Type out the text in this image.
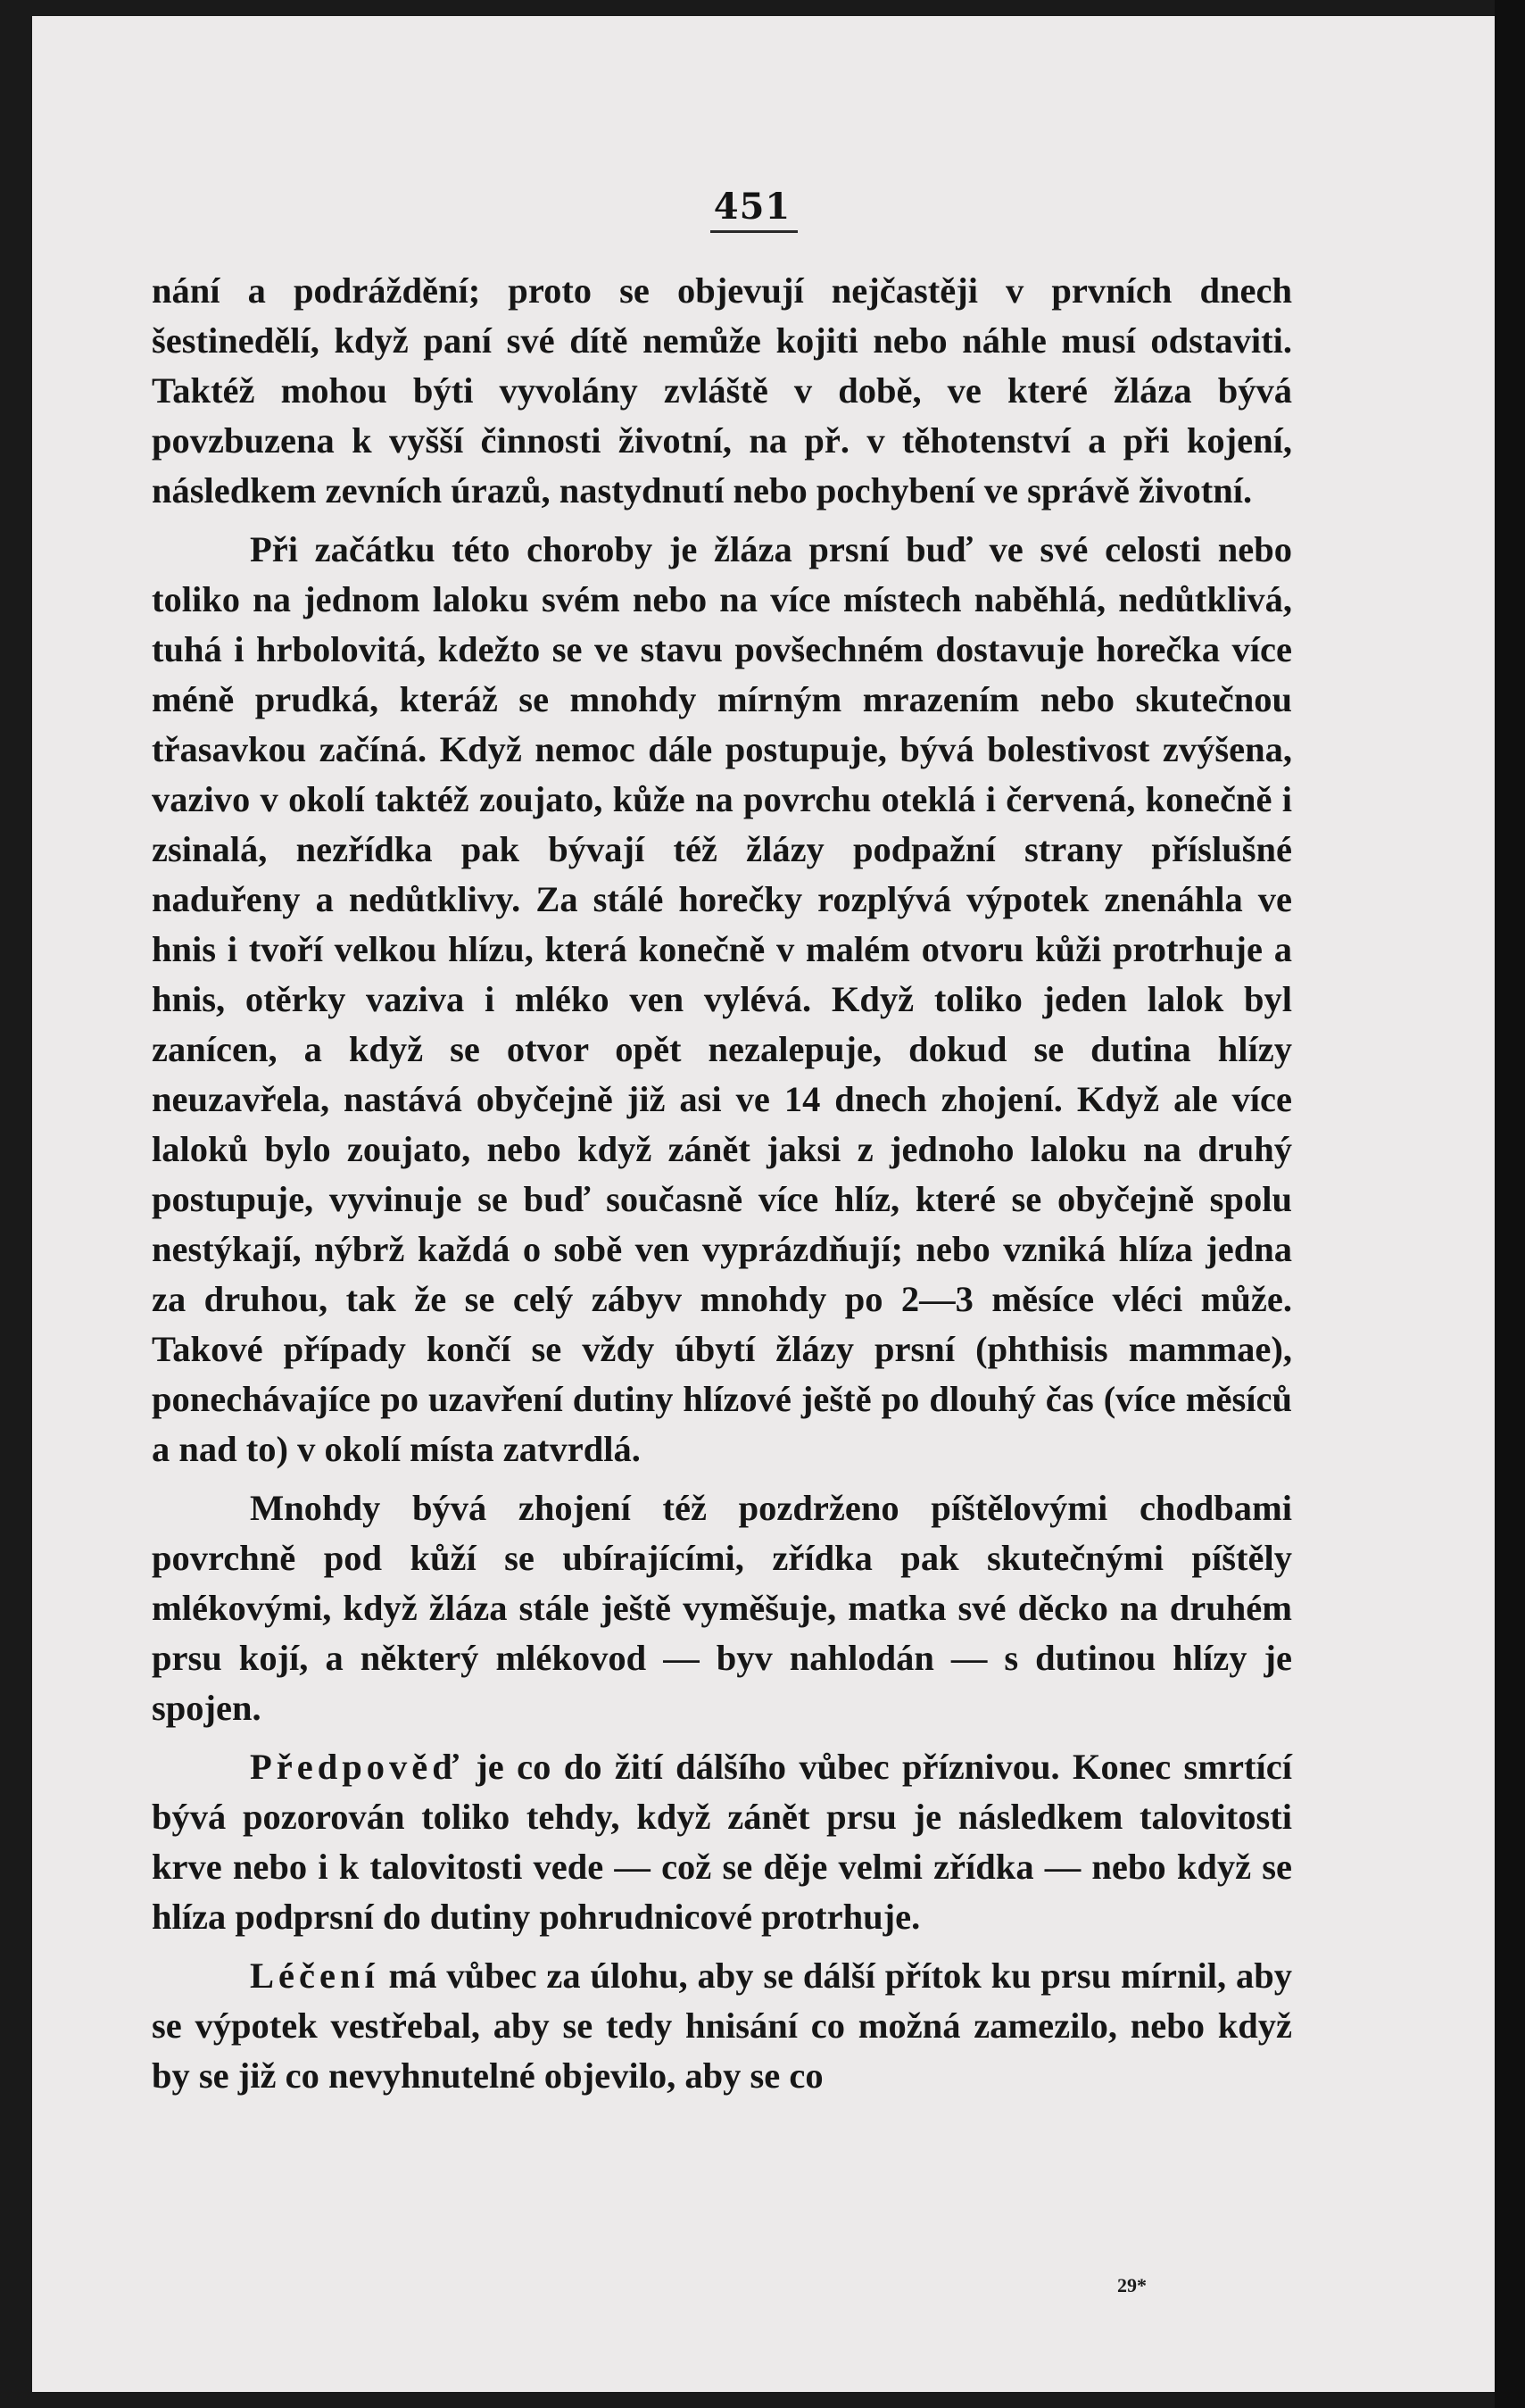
451

nání a podráždění; proto se objevují nejčastěji v prvních dnech šestinedělí, když paní své dítě nemůže kojiti nebo náhle musí odstaviti. Taktéž mohou býti vyvolány zvláště v době, ve které žláza bývá povzbuzena k vyšší činnosti životní, na př. v těhotenství a při kojení, následkem zevních úrazů, nastydnutí nebo pochybení ve správě životní.

Při začátku této choroby je žláza prsní buď ve své celosti nebo toliko na jednom laloku svém nebo na více místech naběhlá, nedůtklivá, tuhá i hrbolovitá, kdežto se ve stavu povšechném dostavuje horečka více méně prudká, kteráž se mnohdy mírným mrazením nebo skutečnou třasavkou začíná. Když nemoc dále postupuje, bývá bolestivost zvýšena, vazivo v okolí taktéž zoujato, kůže na povrchu oteklá i červená, konečně i zsinalá, nezřídka pak bývají též žlázy podpažní strany příslušné naduřeny a nedůtklivy. Za stálé horečky rozplývá výpotek znenáhla ve hnis i tvoří velkou hlízu, která konečně v malém otvoru kůži protrhuje a hnis, otěrky vaziva i mléko ven vylévá. Když toliko jeden lalok byl zanícen, a když se otvor opět nezalepuje, dokud se dutina hlízy neuzavřela, nastává obyčejně již asi ve 14 dnech zhojení. Když ale více laloků bylo zoujato, nebo když zánět jaksi z jednoho laloku na druhý postupuje, vyvinuje se buď současně více hlíz, které se obyčejně spolu nestýkají, nýbrž každá o sobě ven vyprázdňují; nebo vzniká hlíza jedna za druhou, tak že se celý zábyv mnohdy po 2—3 měsíce vléci může. Takové případy končí se vždy úbytí žlázy prsní (phthisis mammae), ponechávajíce po uzavření dutiny hlízové ještě po dlouhý čas (více měsíců a nad to) v okolí místa zatvrdlá.

Mnohdy bývá zhojení též pozdrženo píštělovými chodbami povrchně pod kůží se ubírajícími, zřídka pak skutečnými píštěly mlékovými, když žláza stále ještě vyměšuje, matka své děcko na druhém prsu kojí, a některý mlékovod — byv nahlodán — s dutinou hlízy je spojen.

Předpověď je co do žití dálšího vůbec příznivou. Konec smrtící bývá pozorován toliko tehdy, když zánět prsu je následkem talovitosti krve nebo i k talovitosti vede — což se děje velmi zřídka — nebo když se hlíza podprsní do dutiny pohrudnicové protrhuje.

Léčení má vůbec za úlohu, aby se dálší přítok ku prsu mírnil, aby se výpotek vestřebal, aby se tedy hnisání co možná zamezilo, nebo když by se již co nevyhnutelné objevilo, aby se co

29*
